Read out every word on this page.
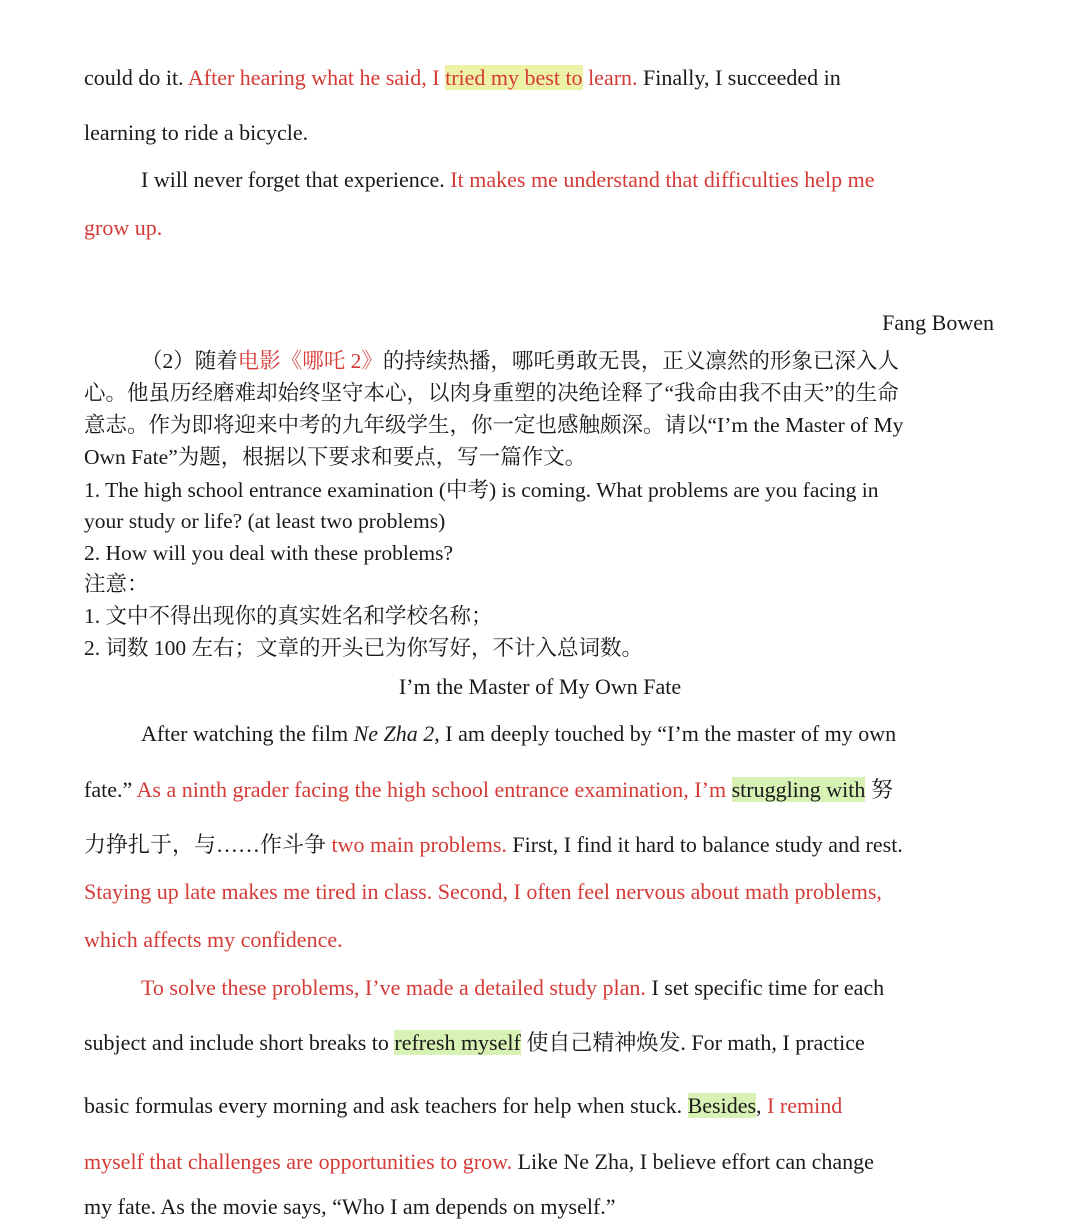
could do it. After hearing what he said, I tried my best to learn. Finally, I succeeded in
learning to ride a bicycle.
I will never forget that experience. It makes me understand that difficulties help me
grow up.
Fang Bowen
（2）随着电影《哪吒 2》的持续热播，哪吒勇敢无畏，正义凛然的形象已深入人
心。他虽历经磨难却始终坚守本心，以肉身重塑的决绝诠释了“我命由我不由天”的生命
意志。作为即将迎来中考的九年级学生，你一定也感触颇深。请以“I’m the Master of My
Own Fate”为题，根据以下要求和要点，写一篇作文。
1. The high school entrance examination (中考) is coming. What problems are you facing in
your study or life? (at least two problems)
2. How will you deal with these problems?
注意：
1. 文中不得出现你的真实姓名和学校名称；
2. 词数 100 左右；文章的开头已为你写好，不计入总词数。
I’m the Master of My Own Fate
After watching the film Ne Zha 2, I am deeply touched by “I’m the master of my own
fate.” As a ninth grader facing the high school entrance examination, I’m struggling with 努
力挣扎于，与……作斗争 two main problems. First, I find it hard to balance study and rest.
Staying up late makes me tired in class. Second, I often feel nervous about math problems,
which affects my confidence.
To solve these problems, I’ve made a detailed study plan. I set specific time for each
subject and include short breaks to refresh myself 使自己精神焕发. For math, I practice
basic formulas every morning and ask teachers for help when stuck. Besides, I remind
myself that challenges are opportunities to grow. Like Ne Zha, I believe effort can change
my fate. As the movie says, “Who I am depends on myself.”
